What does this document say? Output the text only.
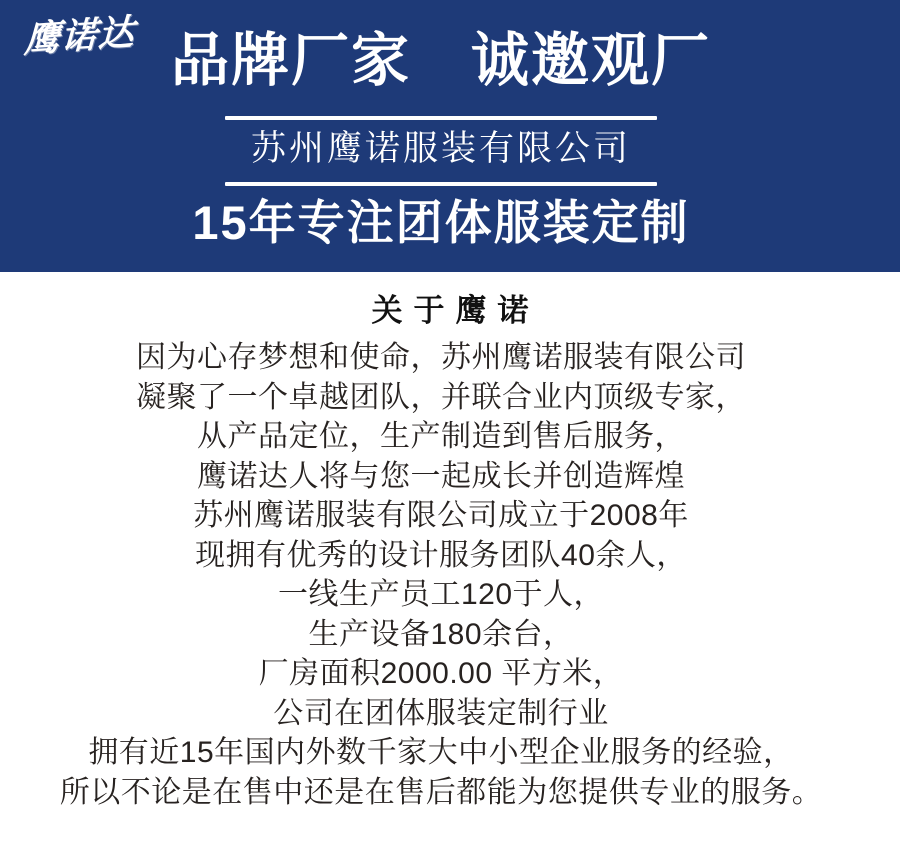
鹰诺达 品牌厂家　诚邀观厂
苏州鹰诺服装有限公司
15年专注团体服装定制
关于鹰诺

因为心存梦想和使命，苏州鹰诺服装有限公司

凝聚了一个卓越团队，并联合业内顶级专家，

从产品定位，生产制造到售后服务，

鹰诺达人将与您一起成长并创造辉煌

苏州鹰诺服装有限公司成立于2008年

现拥有优秀的设计服务团队40余人，

一线生产员工120于人，

生产设备180余台，

厂房面积2000.00 平方米，

公司在团体服装定制行业

拥有近15年国内外数千家大中小型企业服务的经验，

所以不论是在售中还是在售后都能为您提供专业的服务。
